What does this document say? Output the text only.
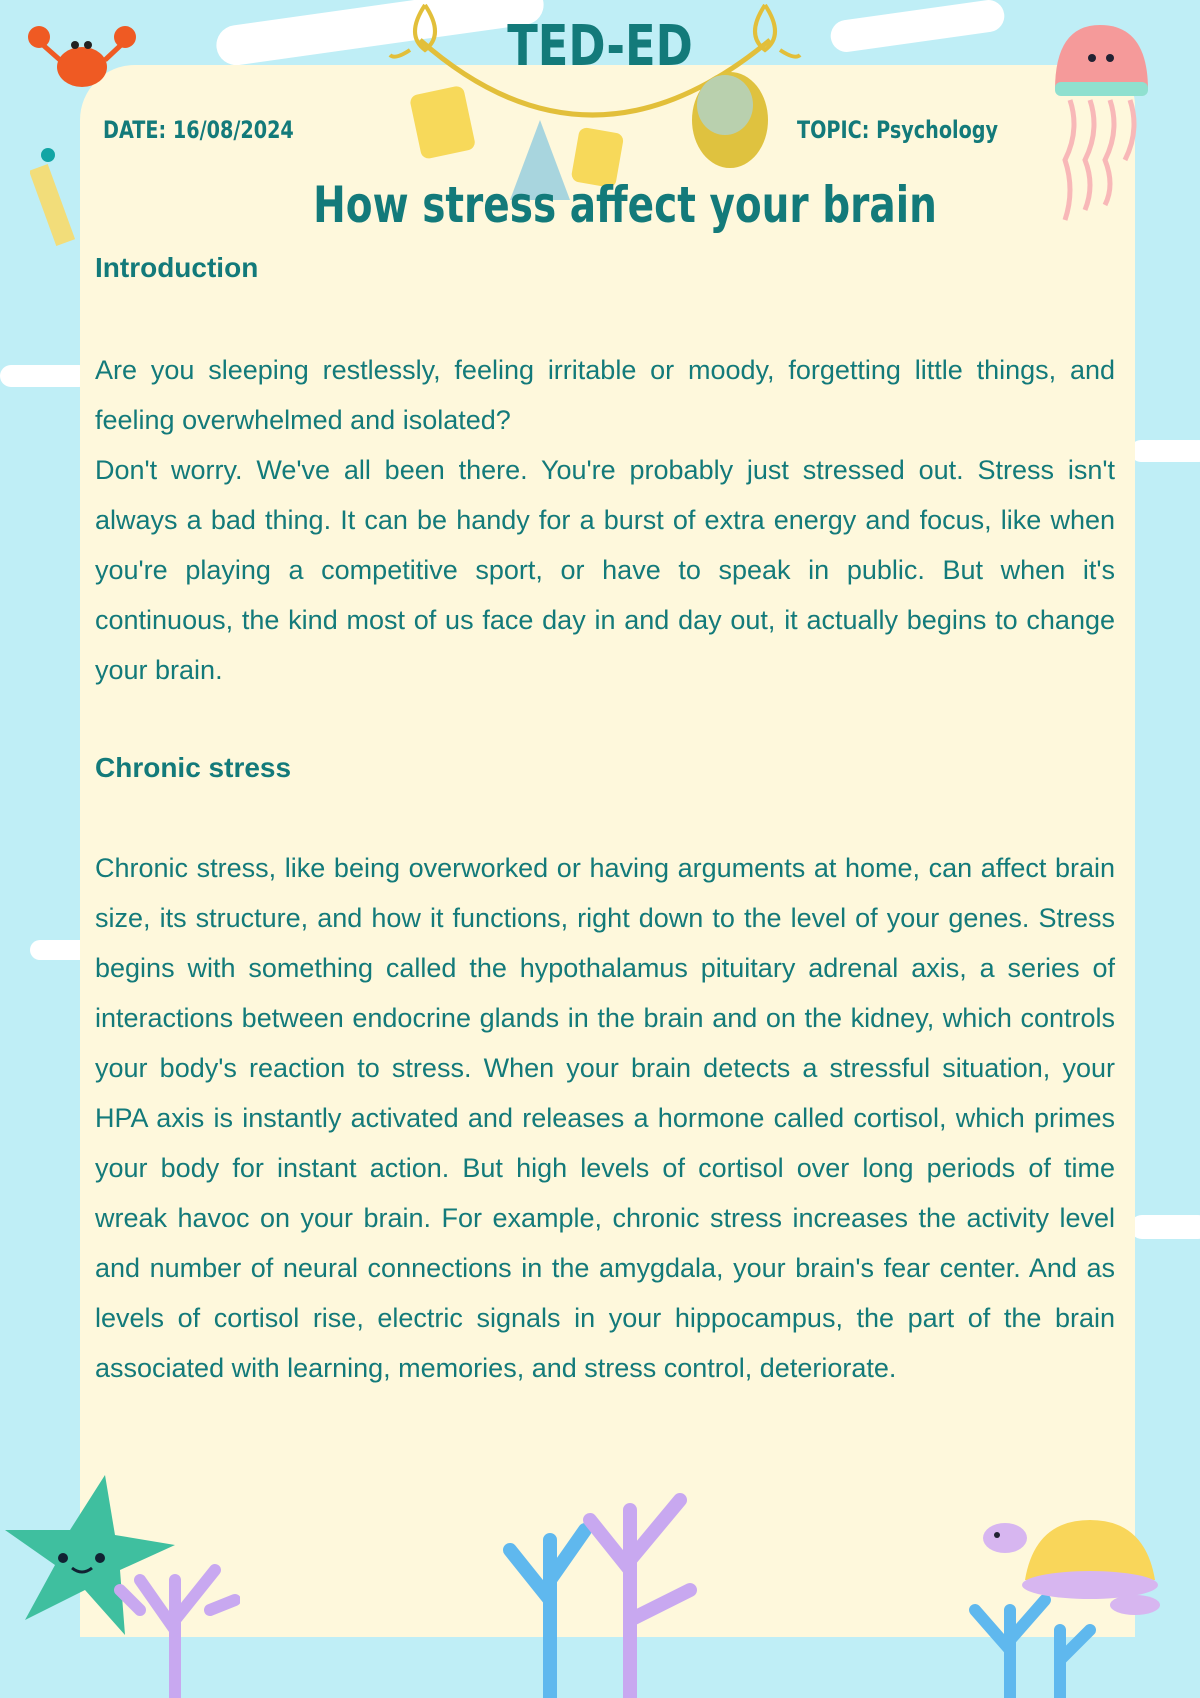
TED-ED
DATE: 16/08/2024	TOPIC: Psychology
How stress affect your brain
Introduction

Are you sleeping restlessly, feeling irritable or moody, forgetting little things, and feeling overwhelmed and isolated?

Don't worry. We've all been there. You're probably just stressed out. Stress isn't always a bad thing. It can be handy for a burst of extra energy and focus, like when you're playing a competitive sport, or have to speak in public. But when it's continuous, the kind most of us face day in and day out, it actually begins to change your brain.

Chronic stress

Chronic stress, like being overworked or having arguments at home, can affect brain size, its structure, and how it functions, right down to the level of your genes. Stress begins with something called the hypothalamus pituitary adrenal axis, a series of interactions between endocrine glands in the brain and on the kidney, which controls your body's reaction to stress. When your brain detects a stressful situation, your HPA axis is instantly activated and releases a hormone called cortisol, which primes your body for instant action. But high levels of cortisol over long periods of time wreak havoc on your brain. For example, chronic stress increases the activity level and number of neural connections in the amygdala, your brain's fear center. And as levels of cortisol rise, electric signals in your hippocampus, the part of the brain associated with learning, memories, and stress control, deteriorate.
